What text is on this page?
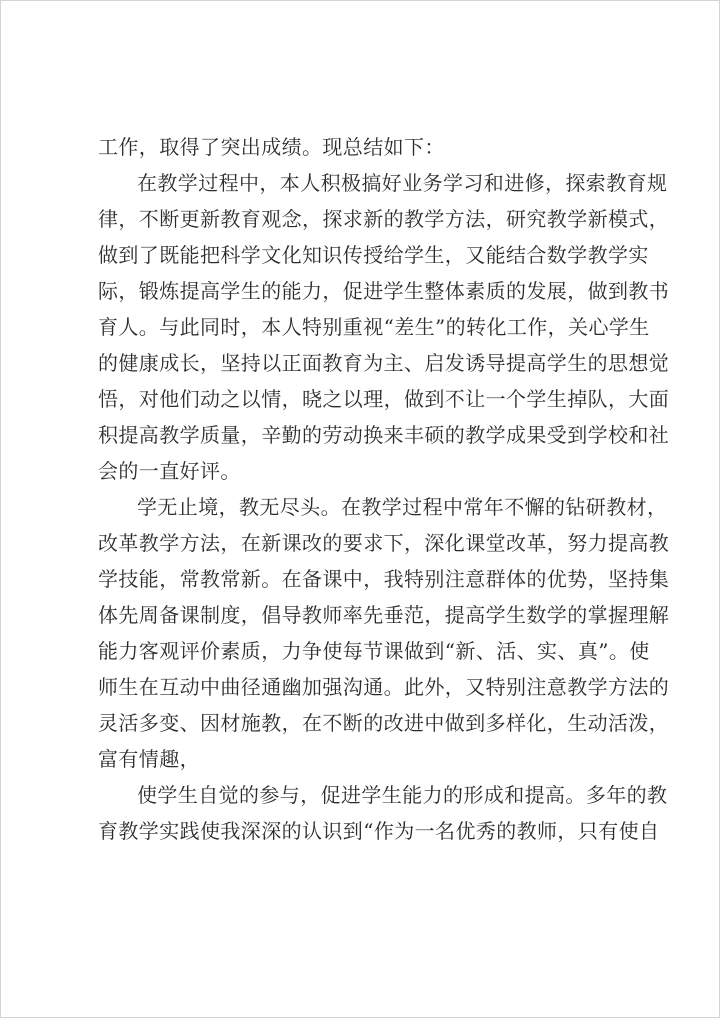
工作，取得了突出成绩。现总结如下：
在教学过程中，本人积极搞好业务学习和进修，探索教育规
律，不断更新教育观念，探求新的教学方法，研究教学新模式，
做到了既能把科学文化知识传授给学生，又能结合数学教学实
际，锻炼提高学生的能力，促进学生整体素质的发展，做到教书
育人。与此同时，本人特别重视“差生”的转化工作，关心学生
的健康成长，坚持以正面教育为主、启发诱导提高学生的思想觉
悟，对他们动之以情，晓之以理，做到不让一个学生掉队，大面
积提高教学质量，辛勤的劳动换来丰硕的教学成果受到学校和社
会的一直好评。
学无止境，教无尽头。在教学过程中常年不懈的钻研教材，
改革教学方法，在新课改的要求下，深化课堂改革，努力提高教
学技能，常教常新。在备课中，我特别注意群体的优势，坚持集
体先周备课制度，倡导教师率先垂范，提高学生数学的掌握理解
能力客观评价素质，力争使每节课做到“新、活、实、真”。使
师生在互动中曲径通幽加强沟通。此外，又特别注意教学方法的
灵活多变、因材施教，在不断的改进中做到多样化，生动活泼，
富有情趣，
使学生自觉的参与，促进学生能力的形成和提高。多年的教
育教学实践使我深深的认识到“作为一名优秀的教师，只有使自
